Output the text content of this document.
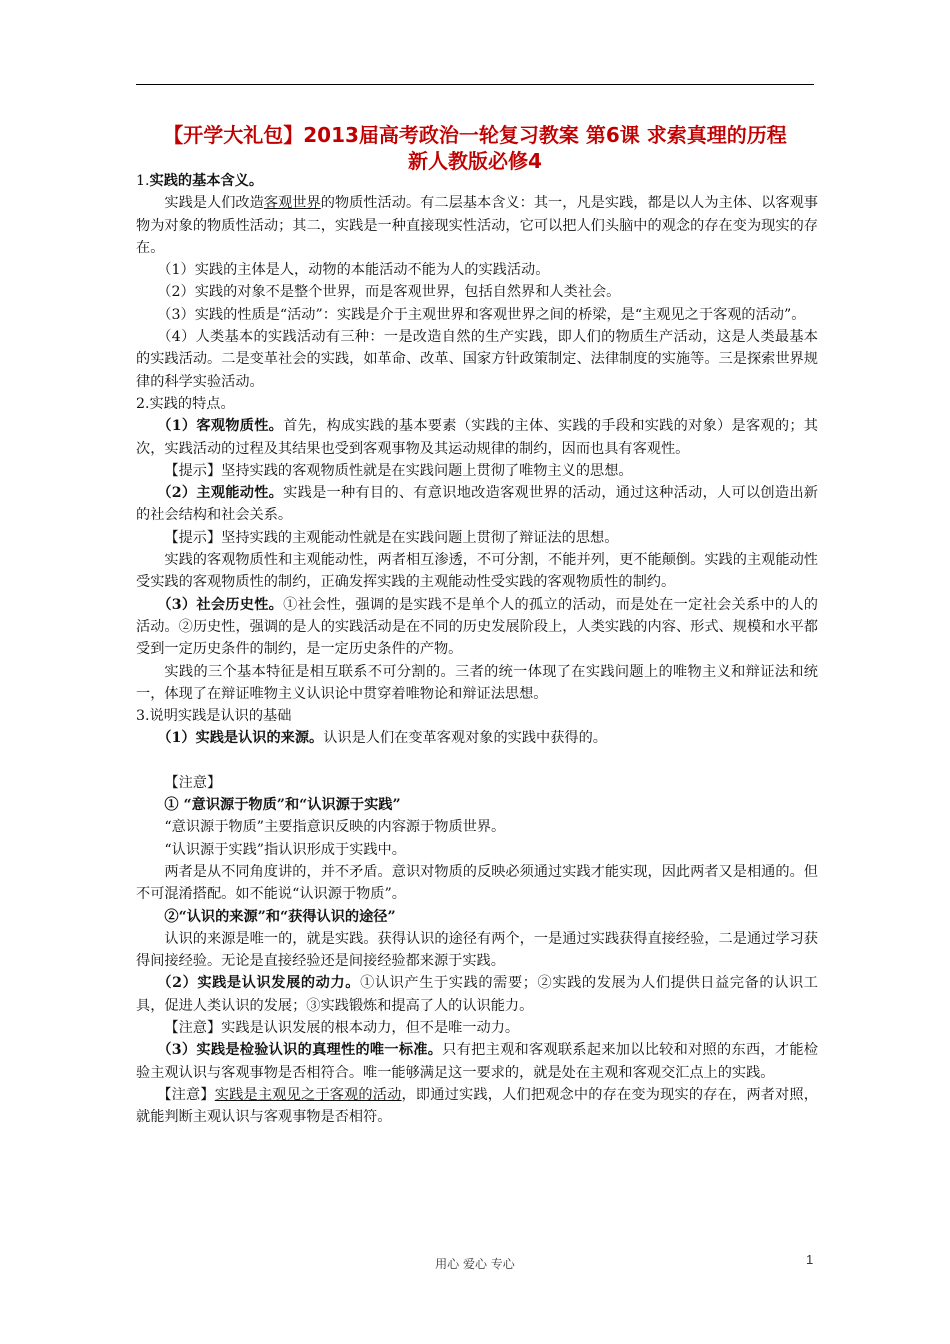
【开学大礼包】2013届高考政治一轮复习教案 第6课 求索真理的历程
新人教版必修4

1.实践的基本含义。

实践是人们改造客观世界的物质性活动。有二层基本含义：其一，凡是实践，都是以人为主体、以客观事物为对象的物质性活动；其二，实践是一种直接现实性活动，它可以把人们头脑中的观念的存在变为现实的存在。

（1）实践的主体是人，动物的本能活动不能为人的实践活动。

（2）实践的对象不是整个世界，而是客观世界，包括自然界和人类社会。

（3）实践的性质是“活动”：实践是介于主观世界和客观世界之间的桥梁，是“主观见之于客观的活动”。

（4）人类基本的实践活动有三种：一是改造自然的生产实践，即人们的物质生产活动，这是人类最基本的实践活动。二是变革社会的实践，如革命、改革、国家方针政策制定、法律制度的实施等。三是探索世界规律的科学实验活动。

2.实践的特点。

（1）客观物质性。首先，构成实践的基本要素（实践的主体、实践的手段和实践的对象）是客观的；其次，实践活动的过程及其结果也受到客观事物及其运动规律的制约，因而也具有客观性。

【提示】坚持实践的客观物质性就是在实践问题上贯彻了唯物主义的思想。

（2）主观能动性。实践是一种有目的、有意识地改造客观世界的活动，通过这种活动，人可以创造出新的社会结构和社会关系。

【提示】坚持实践的主观能动性就是在实践问题上贯彻了辩证法的思想。

实践的客观物质性和主观能动性，两者相互渗透，不可分割，不能并列，更不能颠倒。实践的主观能动性受实践的客观物质性的制约，正确发挥实践的主观能动性受实践的客观物质性的制约。

（3）社会历史性。①社会性，强调的是实践不是单个人的孤立的活动，而是处在一定社会关系中的人的活动。②历史性，强调的是人的实践活动是在不同的历史发展阶段上，人类实践的内容、形式、规模和水平都受到一定历史条件的制约，是一定历史条件的产物。

实践的三个基本特征是相互联系不可分割的。三者的统一体现了在实践问题上的唯物主义和辩证法和统一，体现了在辩证唯物主义认识论中贯穿着唯物论和辩证法思想。

3.说明实践是认识的基础

（1）实践是认识的来源。认识是人们在变革客观对象的实践中获得的。

【注意】

① “意识源于物质”和“认识源于实践”

“意识源于物质”主要指意识反映的内容源于物质世界。

“认识源于实践”指认识形成于实践中。

两者是从不同角度讲的，并不矛盾。意识对物质的反映必须通过实践才能实现，因此两者又是相通的。但不可混淆搭配。如不能说“认识源于物质”。

②“认识的来源”和“获得认识的途径”

认识的来源是唯一的，就是实践。获得认识的途径有两个，一是通过实践获得直接经验，二是通过学习获得间接经验。无论是直接经验还是间接经验都来源于实践。

（2）实践是认识发展的动力。①认识产生于实践的需要；②实践的发展为人们提供日益完备的认识工具，促进人类认识的发展；③实践锻炼和提高了人的认识能力。

【注意】实践是认识发展的根本动力，但不是唯一动力。

（3）实践是检验认识的真理性的唯一标准。只有把主观和客观联系起来加以比较和对照的东西，才能检验主观认识与客观事物是否相符合。唯一能够满足这一要求的，就是处在主观和客观交汇点上的实践。

【注意】实践是主观见之于客观的活动，即通过实践，人们把观念中的存在变为现实的存在，两者对照，就能判断主观认识与客观事物是否相符。

用心 爱心 专心	1
